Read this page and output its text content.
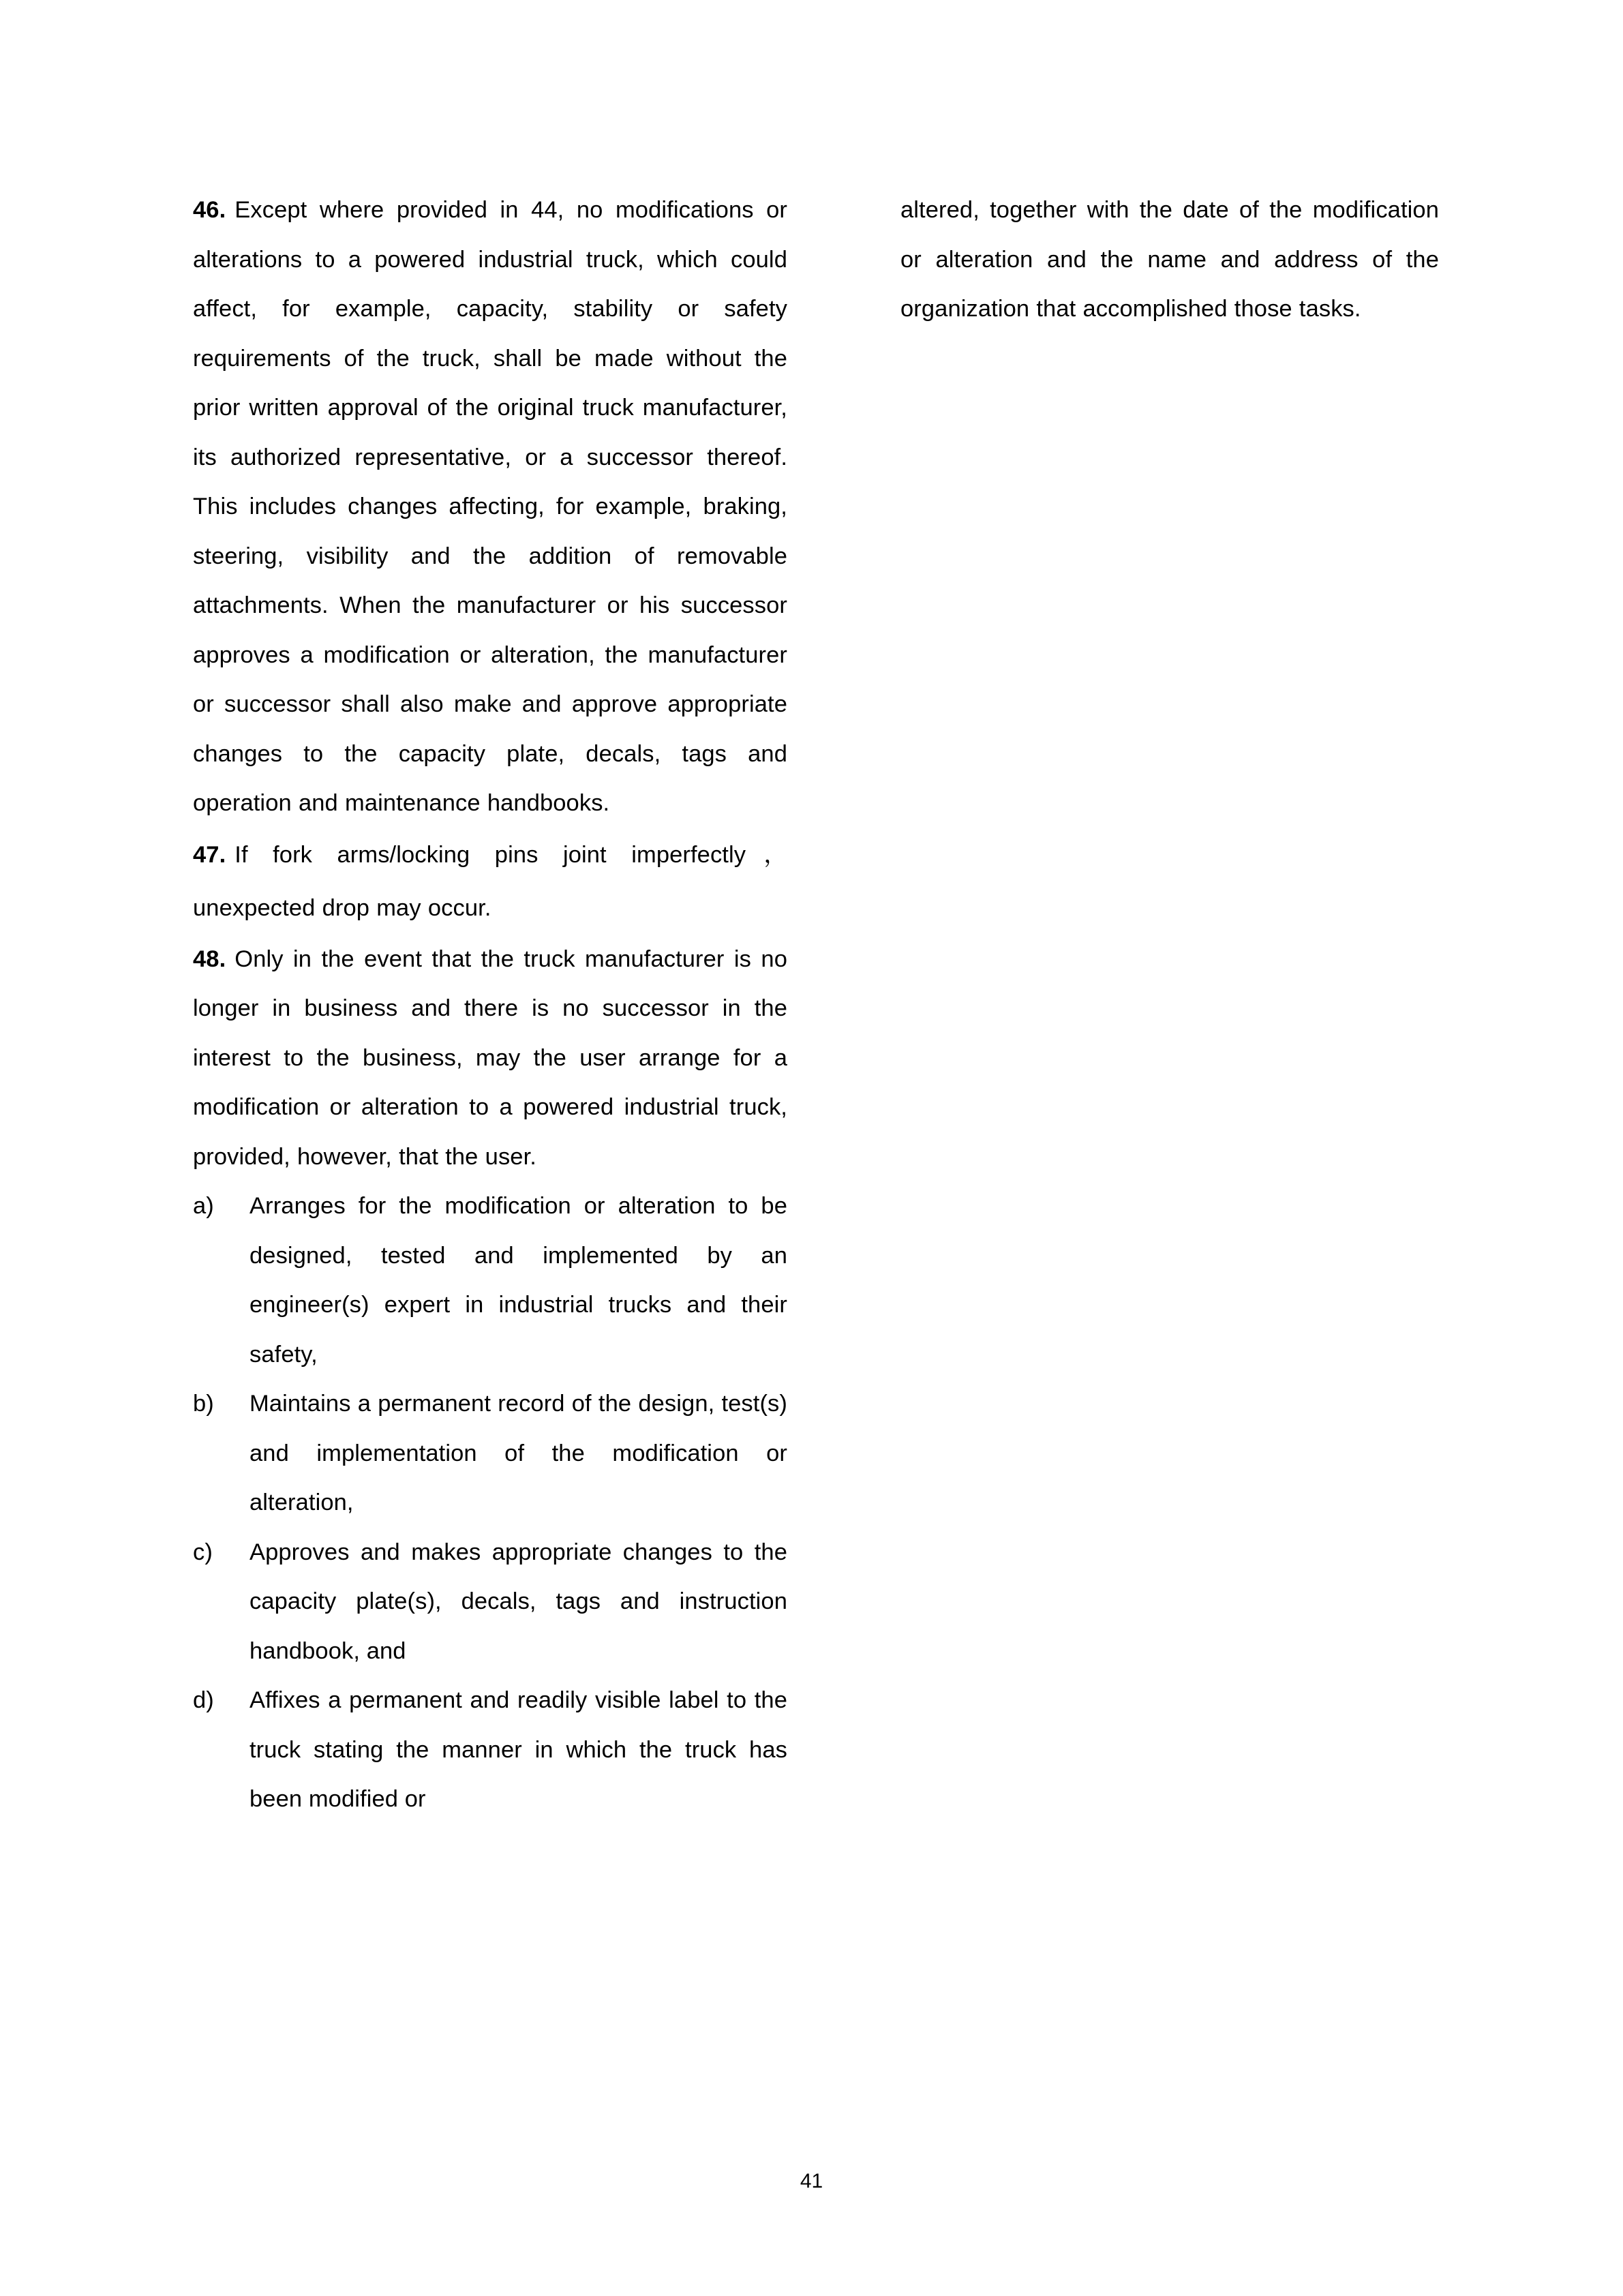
46. Except where provided in 44, no modifications or alterations to a powered industrial truck, which could affect, for example, capacity, stability or safety requirements of the truck, shall be made without the prior written approval of the original truck manufacturer, its authorized representative, or a successor thereof. This includes changes affecting, for example, braking, steering, visibility and the addition of removable attachments. When the manufacturer or his successor approves a modification or alteration, the manufacturer or successor shall also make and approve appropriate changes to the capacity plate, decals, tags and operation and maintenance handbooks.

47. If fork arms/locking pins joint imperfectly，unexpected drop may occur.

48. Only in the event that the truck manufacturer is no longer in business and there is no successor in the interest to the business, may the user arrange for a modification or alteration to a powered industrial truck, provided, however, that the user.

a)	Arranges for the modification or alteration to be designed, tested and implemented by an engineer(s) expert in industrial trucks and their safety,
b)	Maintains a permanent record of the design, test(s) and implementation of the modification or alteration,
c)	Approves and makes appropriate changes to the capacity plate(s), decals, tags and instruction handbook, and
d)	Affixes a permanent and readily visible label to the truck stating the manner in which the truck has been modified or

altered, together with the date of the modification or alteration and the name and address of the organization that accomplished those tasks.

41
